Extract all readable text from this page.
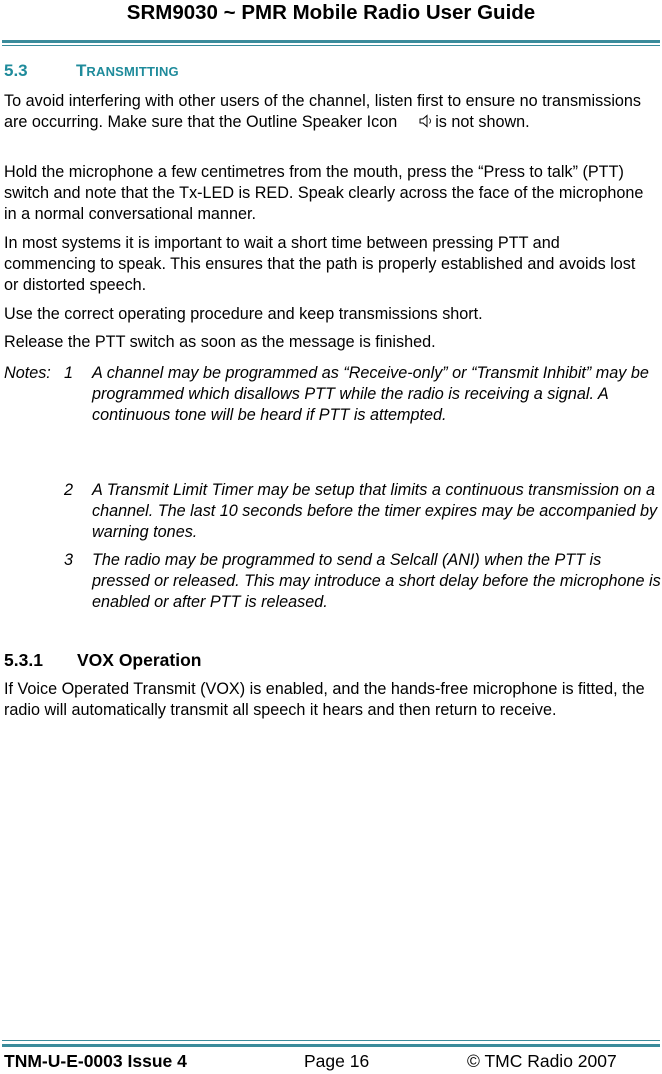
SRM9030 ~ PMR Mobile Radio User Guide
5.3	TRANSMITTING

To avoid interfering with other users of the channel, listen first to ensure no transmissions are occurring. Make sure that the Outline Speaker Icon is not shown.

Hold the microphone a few centimetres from the mouth, press the “Press to talk” (PTT) switch and note that the Tx-LED is RED. Speak clearly across the face of the microphone in a normal conversational manner.

In most systems it is important to wait a short time between pressing PTT and commencing to speak. This ensures that the path is properly established and avoids lost or distorted speech.

Use the correct operating procedure and keep transmissions short.

Release the PTT switch as soon as the message is finished.

Notes: 1 A channel may be programmed as “Receive-only” or “Transmit Inhibit” may be programmed which disallows PTT while the radio is receiving a signal. A continuous tone will be heard if PTT is attempted.

2 A Transmit Limit Timer may be setup that limits a continuous transmission on a channel. The last 10 seconds before the timer expires may be accompanied by warning tones.

3 The radio may be programmed to send a Selcall (ANI) when the PTT is pressed or released. This may introduce a short delay before the microphone is enabled or after PTT is released.

5.3.1 VOX Operation

If Voice Operated Transmit (VOX) is enabled, and the hands-free microphone is fitted, the radio will automatically transmit all speech it hears and then return to receive.

TNM-U-E-0003 Issue 4	Page 16	© TMC Radio 2007
